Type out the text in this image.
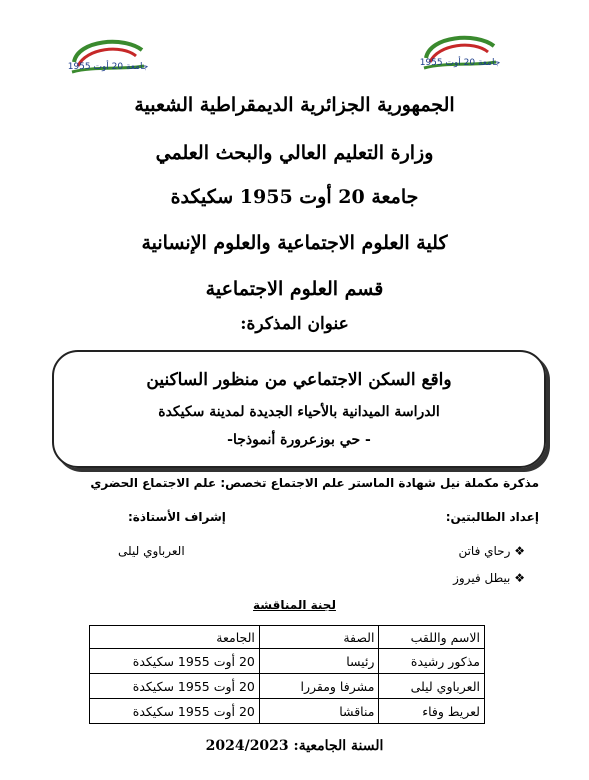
جامعة 20 أوت 1955	جامعة 20 أوت 1955
الجمهورية الجزائرية الديمقراطية الشعبية
وزارة التعليم العالي والبحث العلمي
جامعة 20 أوت 1955 سكيكدة
كلية العلوم الاجتماعية والعلوم الإنسانية
قسم العلوم الاجتماعية
عنوان المذكرة:
واقع السكن الاجتماعي من منظور الساكنين
الدراسة الميدانية بالأحياء الجديدة لمدينة سكيكدة
- حي بوزعرورة أنموذجا-
مذكرة مكملة نيل شهادة الماستر علم الاجتماع تخصص: علم الاجتماع الحضري
إعداد الطالبتين:
إشراف الأستاذة:
❖ رحاي فاتن
❖ بيطل فيروز
العرباوي ليلى
لجنة المناقشة
الاسم واللقب	الصفة	الجامعة
مذكور رشيدة	رئيسا	20 أوت 1955 سكيكدة
العرباوي ليلى	مشرفا ومقررا	20 أوت 1955 سكيكدة
لعريط وفاء	مناقشا	20 أوت 1955 سكيكدة
السنة الجامعية: 2024/2023
